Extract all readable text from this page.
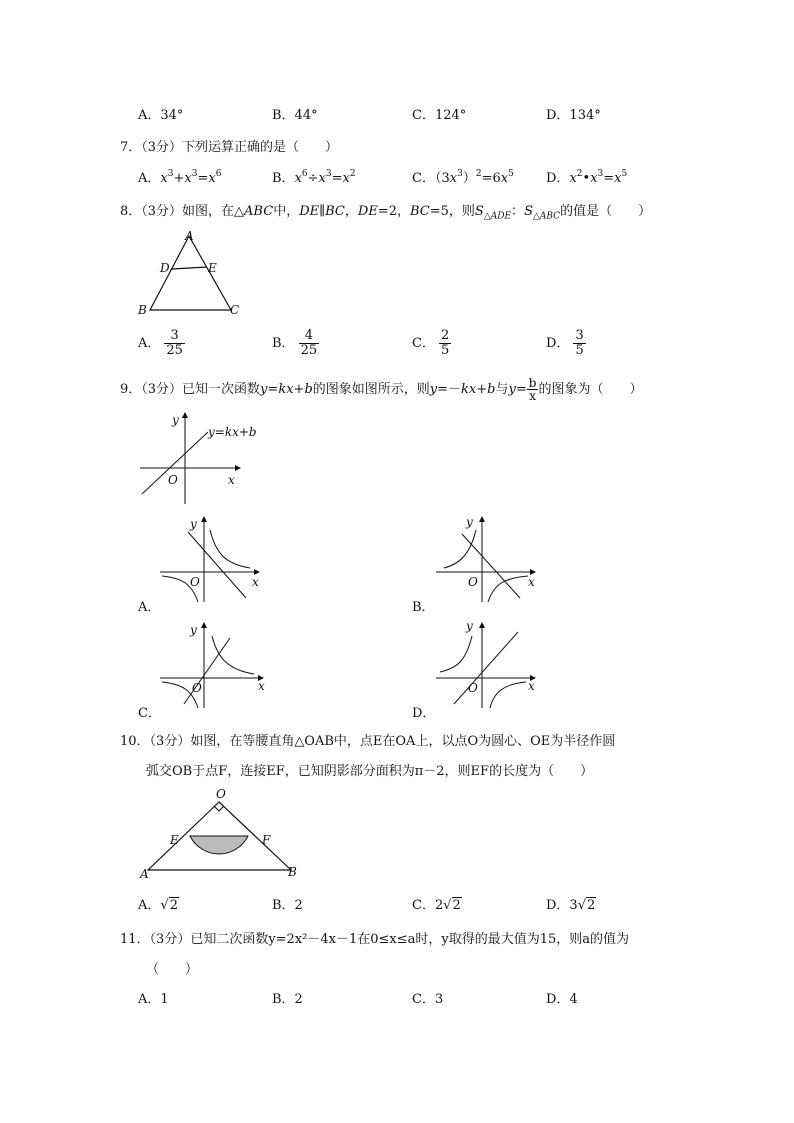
A．34°	B．44°	C．124°	D．134°
7．（3分）下列运算正确的是（　　）
A．$x^3+x^3=x^6$	B．$x^6\div x^3=x^2$	C．$(3x^3)^2=6x^5$ D．$x^2•x^3=x^5$
8．（3分）如图，在△ABC中，DE∥BC，DE=2，BC=5，则$S_{\triangle ADE}$：$S_{\triangle ABC}$的值是（　　）
A
D	E
B	C
A． $\frac{3}{25}$	B． $\frac{4}{25}$	C． $\frac{2}{5}$	D． $\frac{3}{5}$
9．（3分）已知一次函数y=kx+b的图象如图所示，则y=－kx+b与$y= \frac{b}{x}$ 的图象为（　　）
y
y=kx+b
O	x
y
O	x
A．
y
O	x
B．
y
O	x
C．
y
O	x
D．
10．（3分）如图，在等腰直角△OAB中，点E在OA上，以点O为圆心、OE为半径作圆
弧交OB于点F，连接EF，已知阴影部分面积为π－2，则EF的长度为（　　）
O
E	F
A	B
A．√2	B．2	C．2√2	D．3√2
11．（3分）已知二次函数y=2x²－4x－1在0≤x≤a时，y取得的最大值为15，则a的值为
（　　）
A．1	B．2	C．3	D．4
